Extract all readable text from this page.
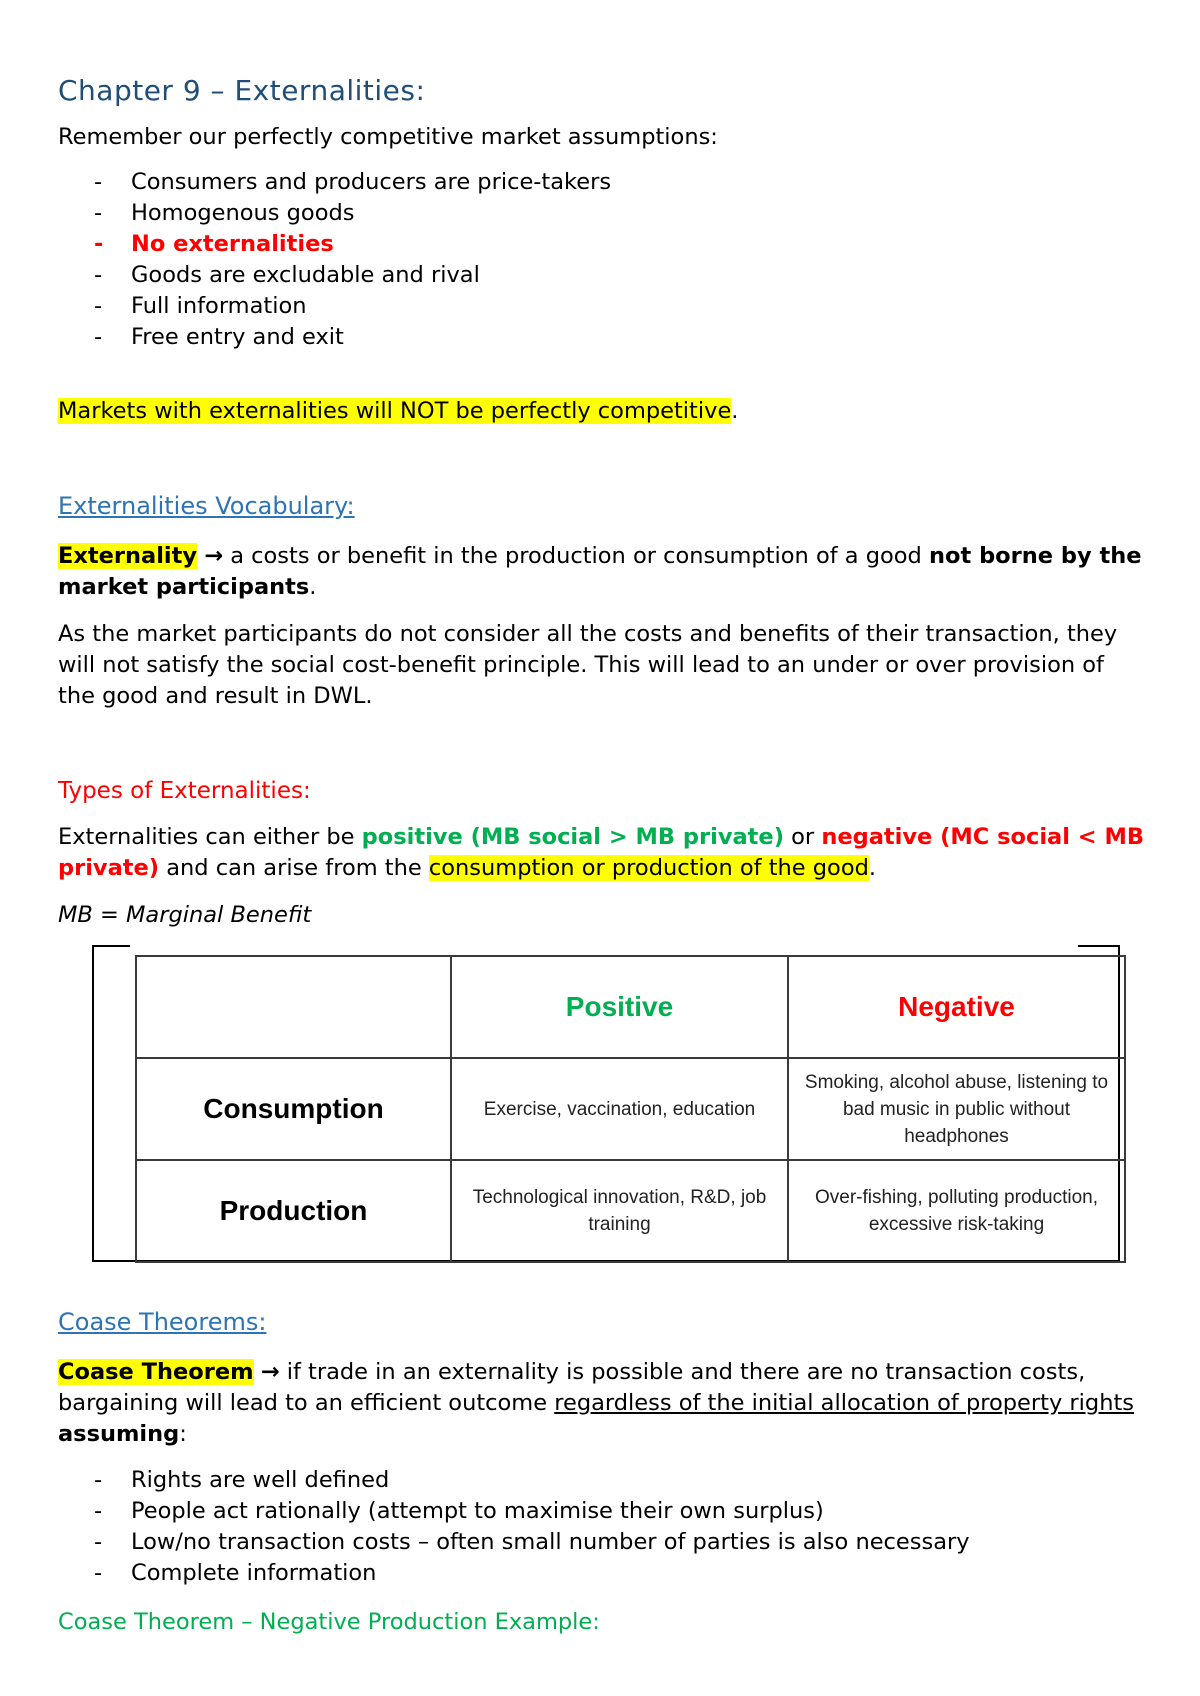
Chapter 9 – Externalities:
Remember our perfectly competitive market assumptions:
- Consumers and producers are price-takers
- Homogenous goods
- No externalities
- Goods are excludable and rival
- Full information
- Free entry and exit
Markets with externalities will NOT be perfectly competitive.
Externalities Vocabulary:
Externality → a costs or benefit in the production or consumption of a good not borne by the market participants.
As the market participants do not consider all the costs and benefits of their transaction, they will not satisfy the social cost-benefit principle. This will lead to an under or over provision of the good and result in DWL.
Types of Externalities:
Externalities can either be positive (MB social > MB private) or negative (MC social < MB private) and can arise from the consumption or production of the good.
MB = Marginal Benefit
Coase Theorems:
Coase Theorem → if trade in an externality is possible and there are no transaction costs, bargaining will lead to an efficient outcome regardless of the initial allocation of property rights assuming:
- Rights are well defined
- People act rationally (attempt to maximise their own surplus)
- Low/no transaction costs – often small number of parties is also necessary
- Complete information
Coase Theorem – Negative Production Example:
	Positive	Negative
Consumption	Exercise, vaccination, education	Smoking, alcohol abuse, listening to bad music in public without headphones
Production	Technological innovation, R&D, job training	Over-fishing, polluting production, excessive risk-taking
